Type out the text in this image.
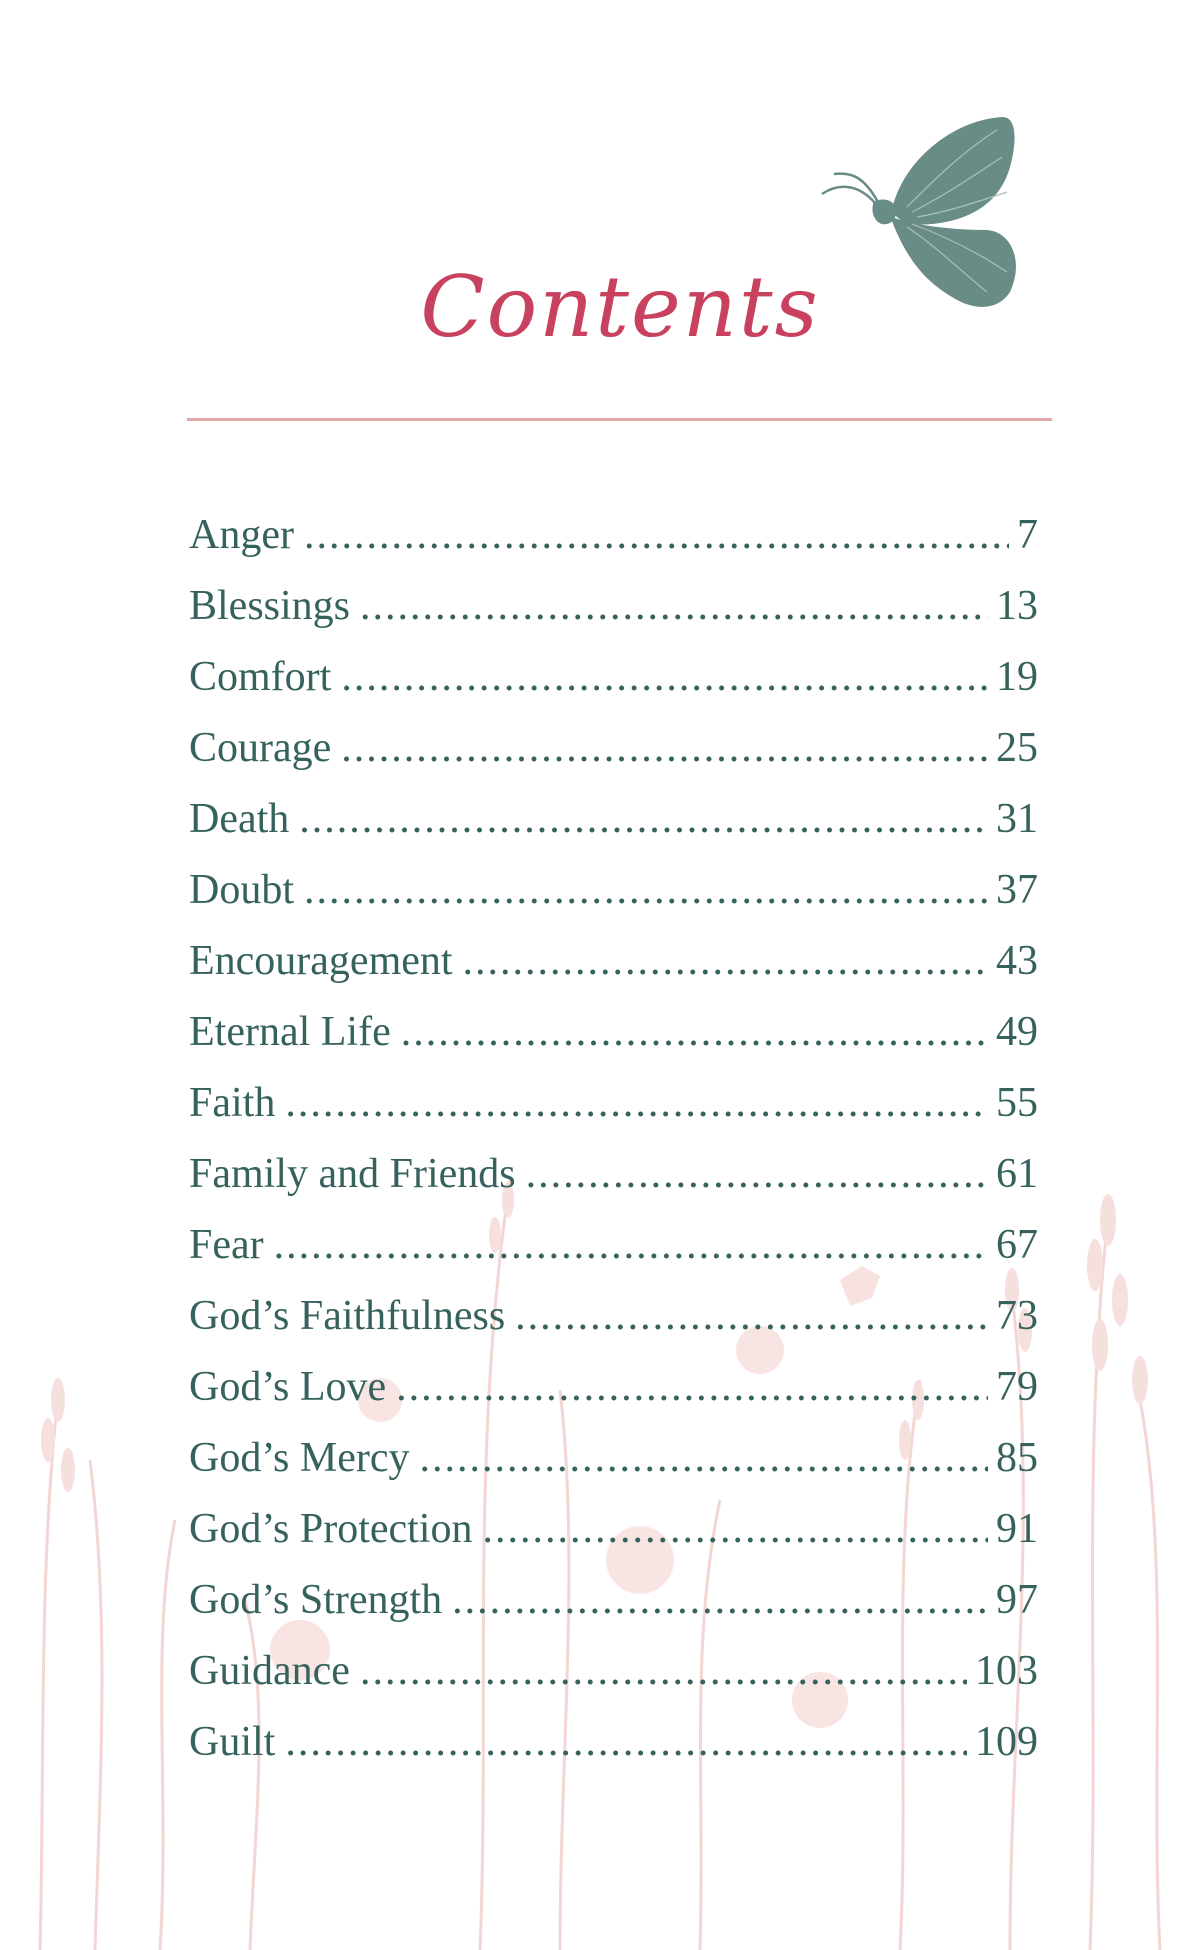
Contents
Anger .....	7
Blessings .....	13
Comfort .....	19
Courage .....	25
Death .....	31
Doubt .....	37
Encouragement .....	43
Eternal Life .....	49
Faith .....	55
Family and Friends .....	61
Fear .....	67
God’s Faithfulness .....	73
God’s Love .....	79
God’s Mercy .....	85
God’s Protection .....	91
God’s Strength .....	97
Guidance .....	103
Guilt .....	109
